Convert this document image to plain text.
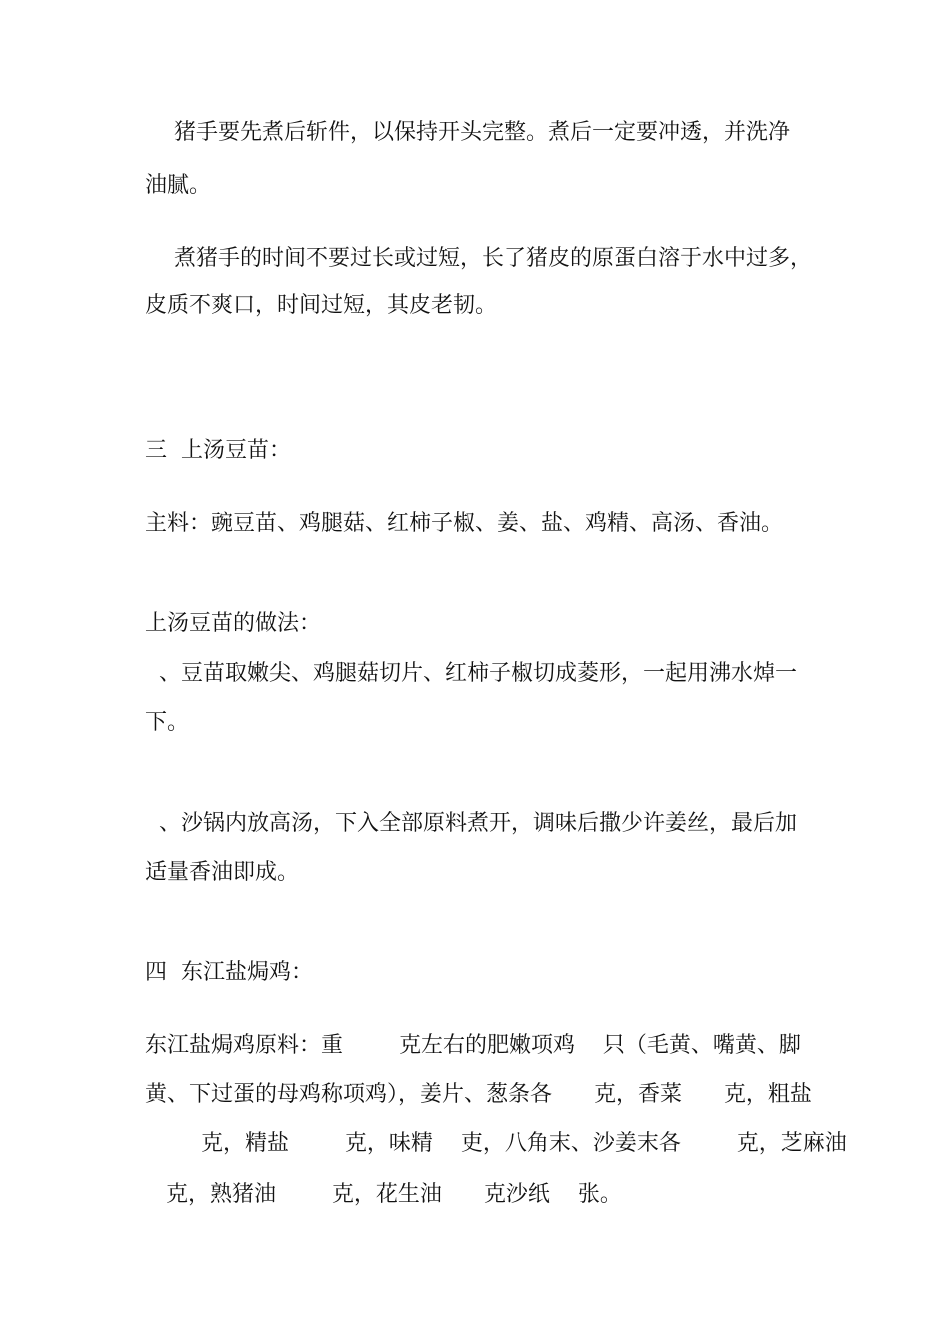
　 猪手要先煮后斩件，以保持开头完整。煮后一定要冲透，并洗净
油腻。
　 煮猪手的时间不要过长或过短，长了猪皮的原蛋白溶于水中过多，
皮质不爽口，时间过短，其皮老韧。
三  上汤豆苗：
主料：豌豆苗、鸡腿菇、红柿子椒、姜、盐、鸡精、高汤、香油。
上汤豆苗的做法：
、豆苗取嫩尖、鸡腿菇切片、红柿子椒切成菱形，一起用沸水焯一
下。
、沙锅内放高汤，下入全部原料煮开，调味后撒少许姜丝，最后加
适量香油即成。
四  东江盐焗鸡：
东江盐焗鸡原料：重        克左右的肥嫩项鸡    只（毛黄、嘴黄、脚
黄、下过蛋的母鸡称项鸡），姜片、葱条各      克，香菜      克，粗盐
克，精盐        克，味精    吏，八角末、沙姜末各        克，芝麻油
克，熟猪油        克，花生油      克沙纸    张。
